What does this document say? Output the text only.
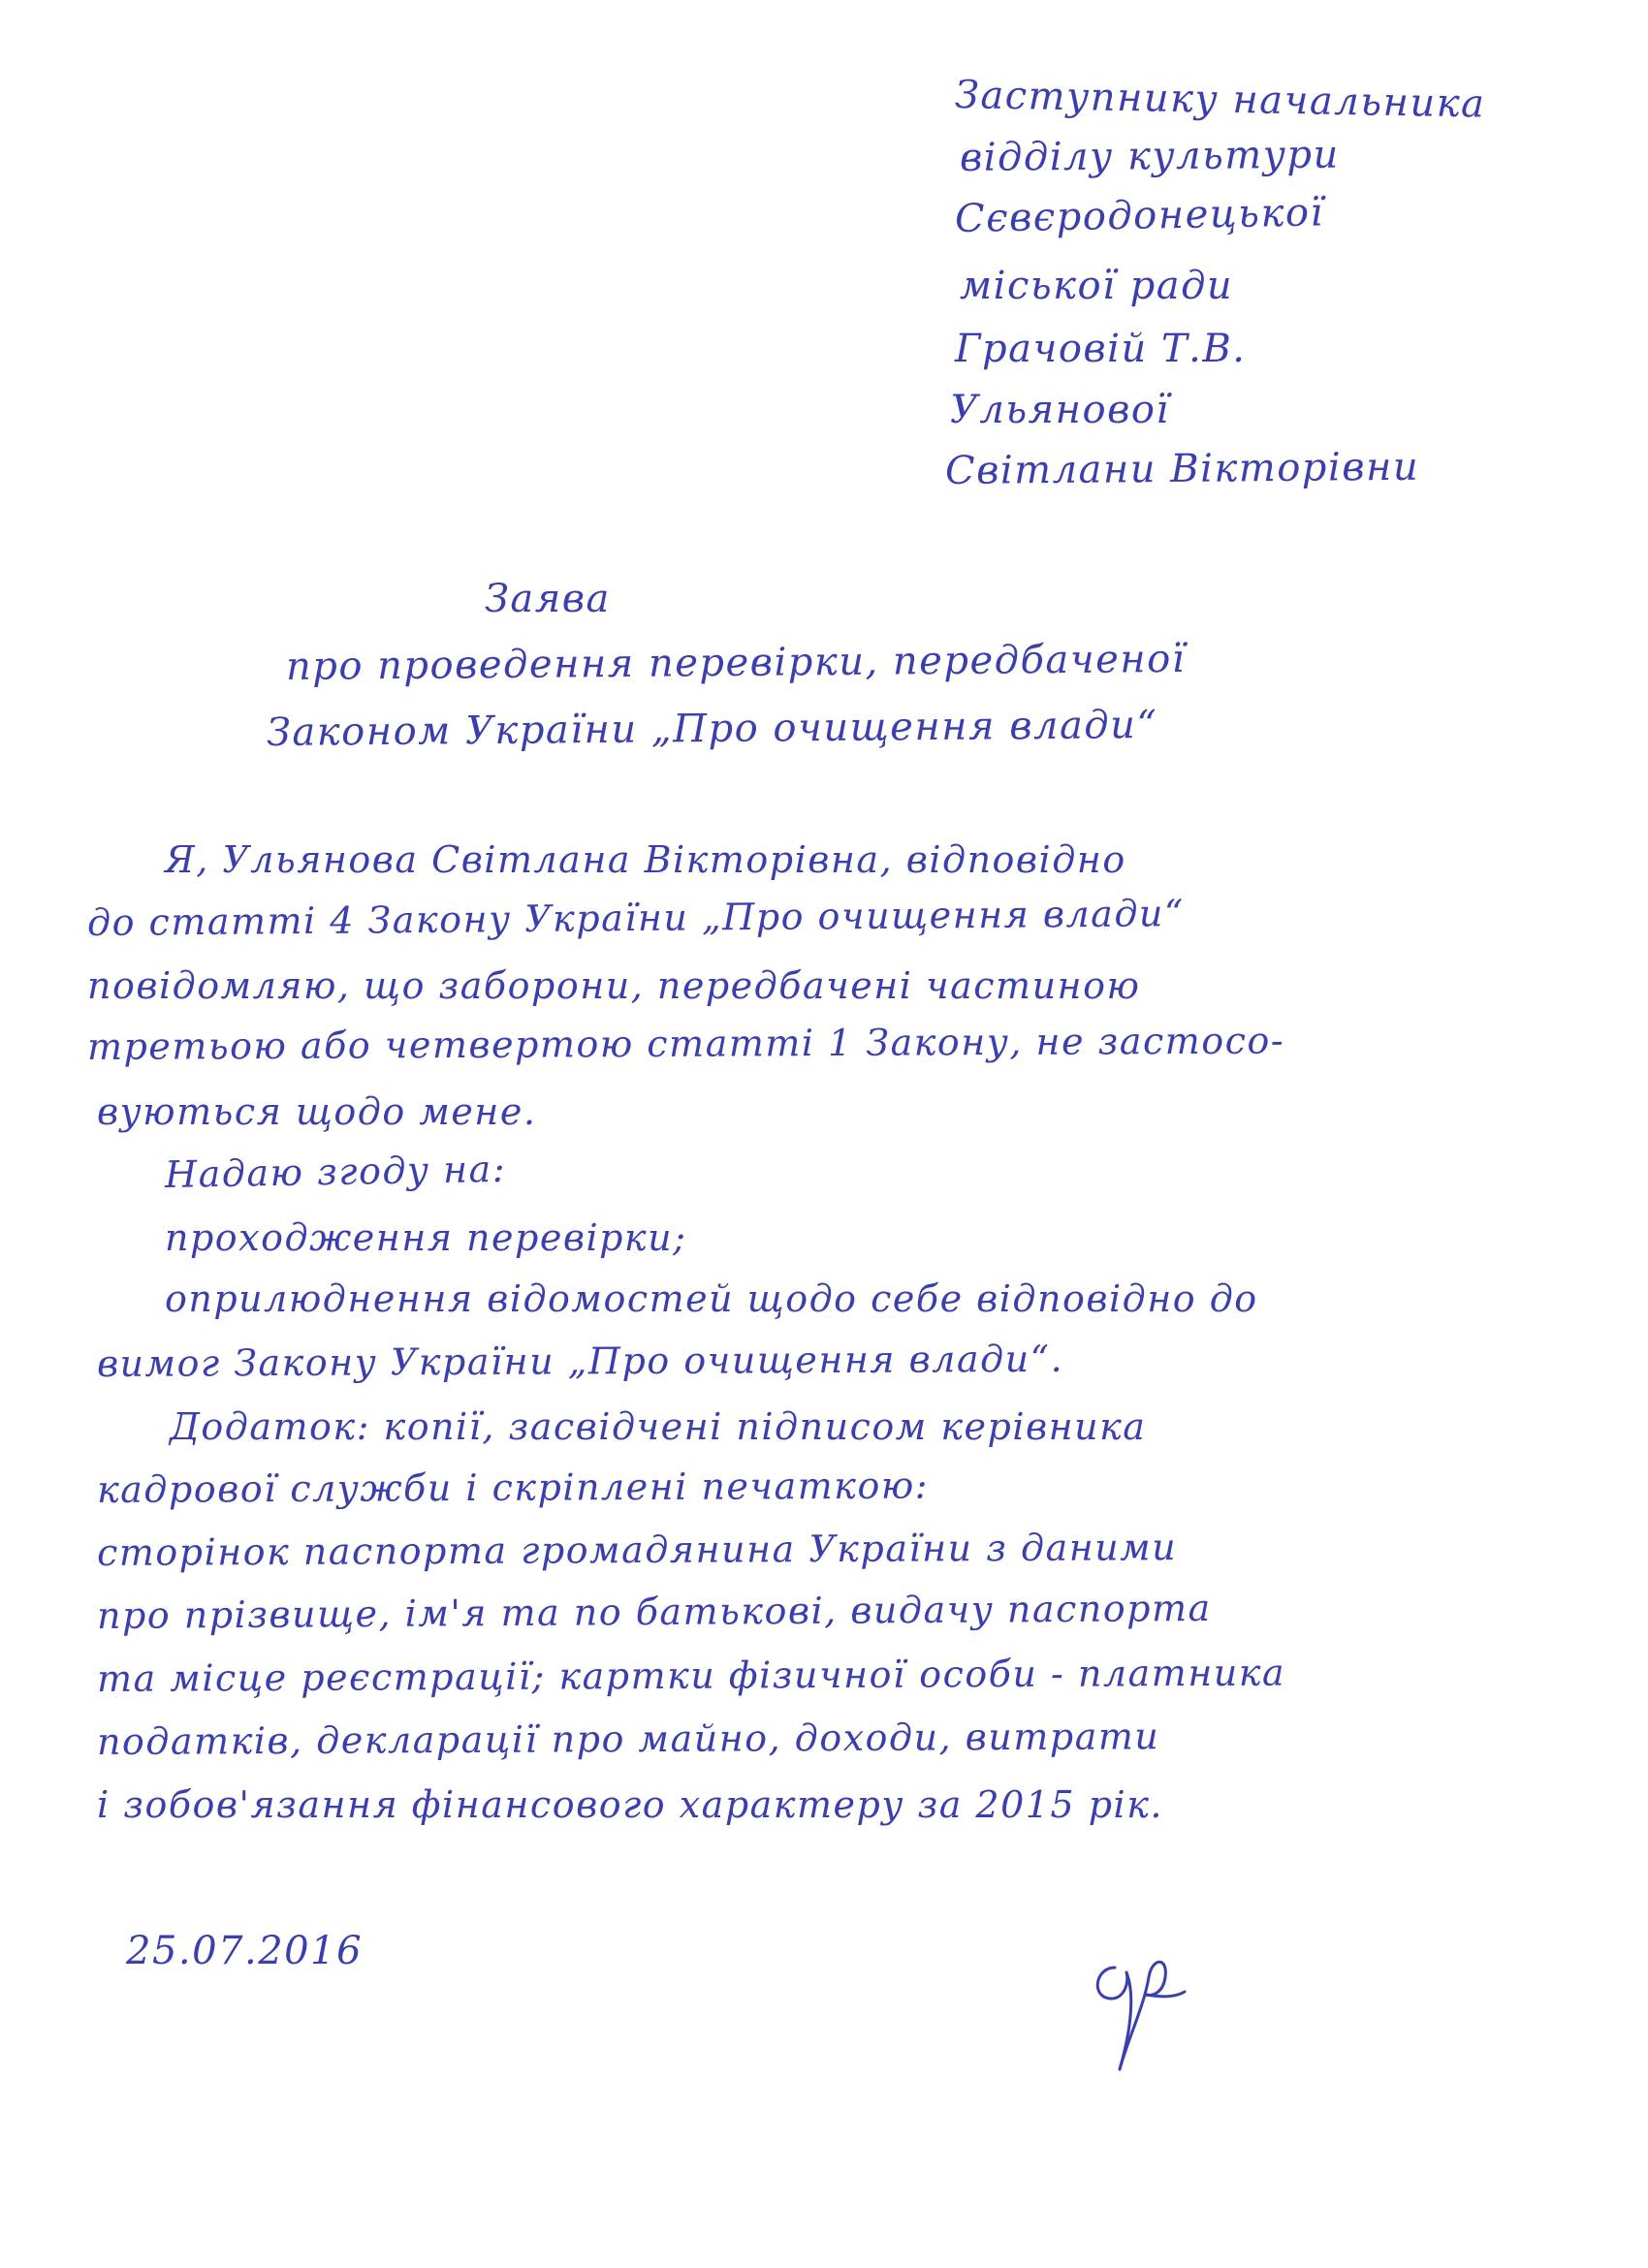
Заступнику начальника
відділу культури
Сєвєродонецької
міської ради
Грачовій Т.В.
Ульянової
Світлани Вікторівни
Заява
про проведення перевірки, передбаченої
Законом України „Про очищення влади“
Я, Ульянова Світлана Вікторівна, відповідно
до статті 4 Закону України „Про очищення влади“
повідомляю, що заборони, передбачені частиною
третьою або четвертою статті 1 Закону, не застосо-
вуються щодо мене.
Надаю згоду на:
проходження перевірки;
оприлюднення відомостей щодо себе відповідно до
вимог Закону України „Про очищення влади“.
Додаток: копії, засвідчені підписом керівника
кадрової служби і скріплені печаткою:
сторінок паспорта громадянина України з даними
про прізвище, ім'я та по батькові, видачу паспорта
та місце реєстрації; картки фізичної особи - платника
податків, декларації про майно, доходи, витрати
і зобов'язання фінансового характеру за 2015 рік.
25.07.2016
